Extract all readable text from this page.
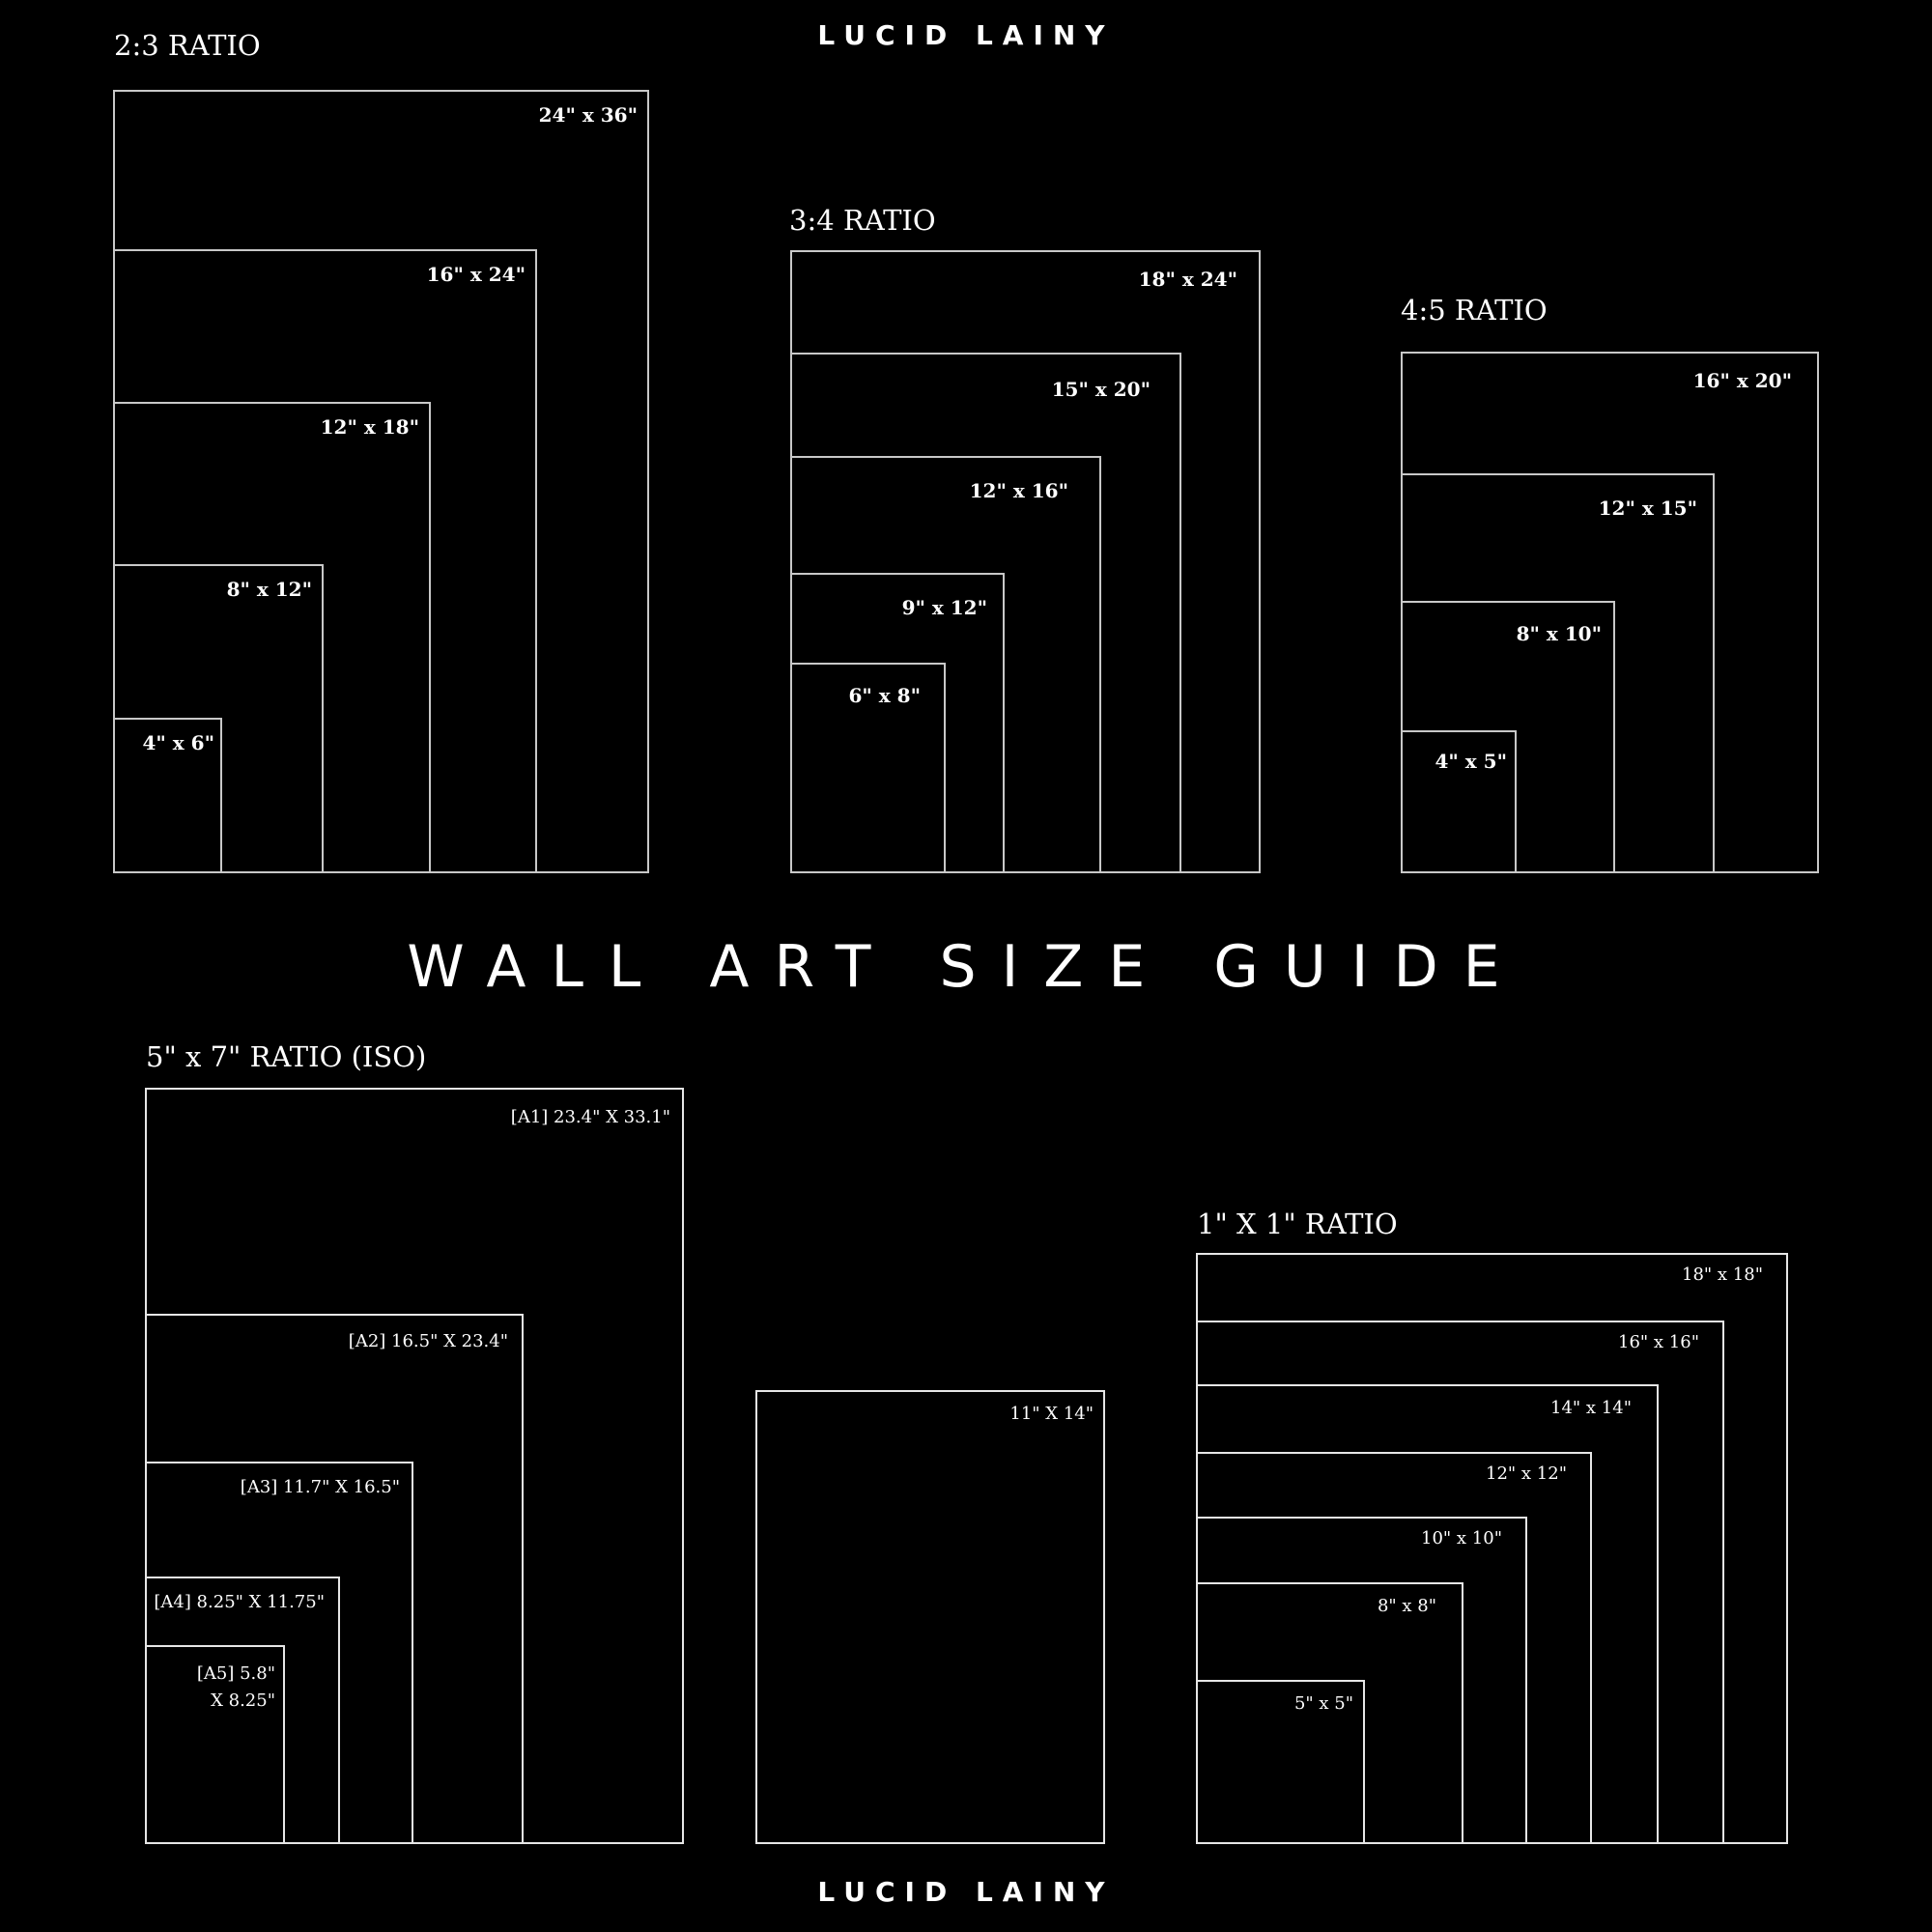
LUCID LAINY
2:3 RATIO
24" x 36"
16" x 24"
12" x 18"
8" x 12"
4" x 6"
3:4 RATIO
18" x 24"
15" x 20"
12" x 16"
9" x 12"
6" x 8"
4:5 RATIO
16" x 20"
12" x 15"
8" x 10"
4" x 5"
WALL ART SIZE GUIDE
5" x 7" RATIO (ISO)
[A1] 23.4" X 33.1"
[A2] 16.5" X 23.4"
[A3] 11.7" X 16.5"
[A4] 8.25" X 11.75"
[A5] 5.8" X 8.25"
11" X 14"
1" X 1" RATIO
18" x 18"
16" x 16"
14" x 14"
12" x 12"
10" x 10"
8" x 8"
5" x 5"
LUCID LAINY
